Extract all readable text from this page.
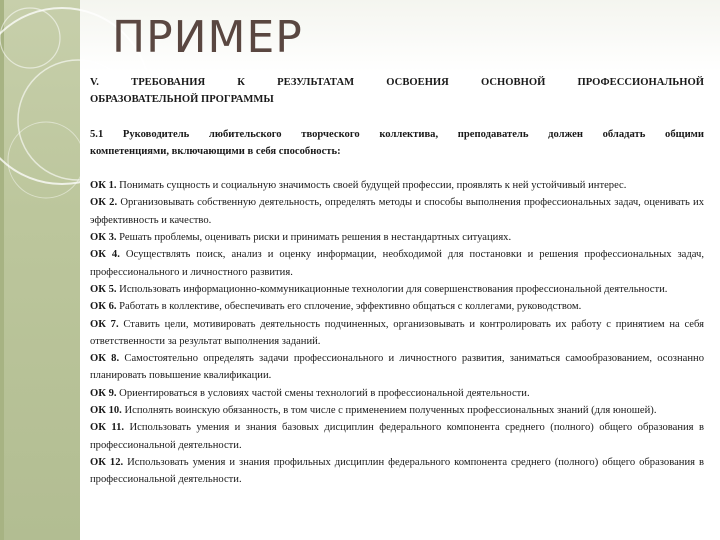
ПРИМЕР

V. ТРЕБОВАНИЯ К РЕЗУЛЬТАТАМ ОСВОЕНИЯ ОСНОВНОЙ ПРОФЕССИОНАЛЬНОЙ

ОБРАЗОВАТЕЛЬНОЙ ПРОГРАММЫ

5.1 Руководитель любительского творческого коллектива, преподаватель должен обладать общими
компетенциями, включающими в себя способность:

ОК 1. Понимать сущность и социальную значимость своей будущей профессии, проявлять к ней устойчивый интерес.

ОК 2. Организовывать собственную деятельность, определять методы и способы выполнения профессиональных задач, оценивать их эффективность и качество.

ОК 3. Решать проблемы, оценивать риски и принимать решения в нестандартных ситуациях.

ОК 4. Осуществлять поиск, анализ и оценку информации, необходимой для постановки и решения профессиональных задач, профессионального и личностного развития.

ОК 5. Использовать информационно-коммуникационные технологии для совершенствования профессиональной деятельности.

ОК 6. Работать в коллективе, обеспечивать его сплочение, эффективно общаться с коллегами, руководством.

ОК 7. Ставить цели, мотивировать деятельность подчиненных, организовывать и контролировать их работу с принятием на себя ответственности за результат выполнения заданий.

ОК 8. Самостоятельно определять задачи профессионального и личностного развития, заниматься самообразованием, осознанно планировать повышение квалификации.

ОК 9. Ориентироваться в условиях частой смены технологий в профессиональной деятельности.

ОК 10. Исполнять воинскую обязанность, в том числе с применением полученных профессиональных знаний (для юношей).

ОК 11. Использовать умения и знания базовых дисциплин федерального компонента среднего (полного) общего образования в профессиональной деятельности.

ОК 12. Использовать умения и знания профильных дисциплин федерального компонента среднего (полного) общего образования в профессиональной деятельности.
